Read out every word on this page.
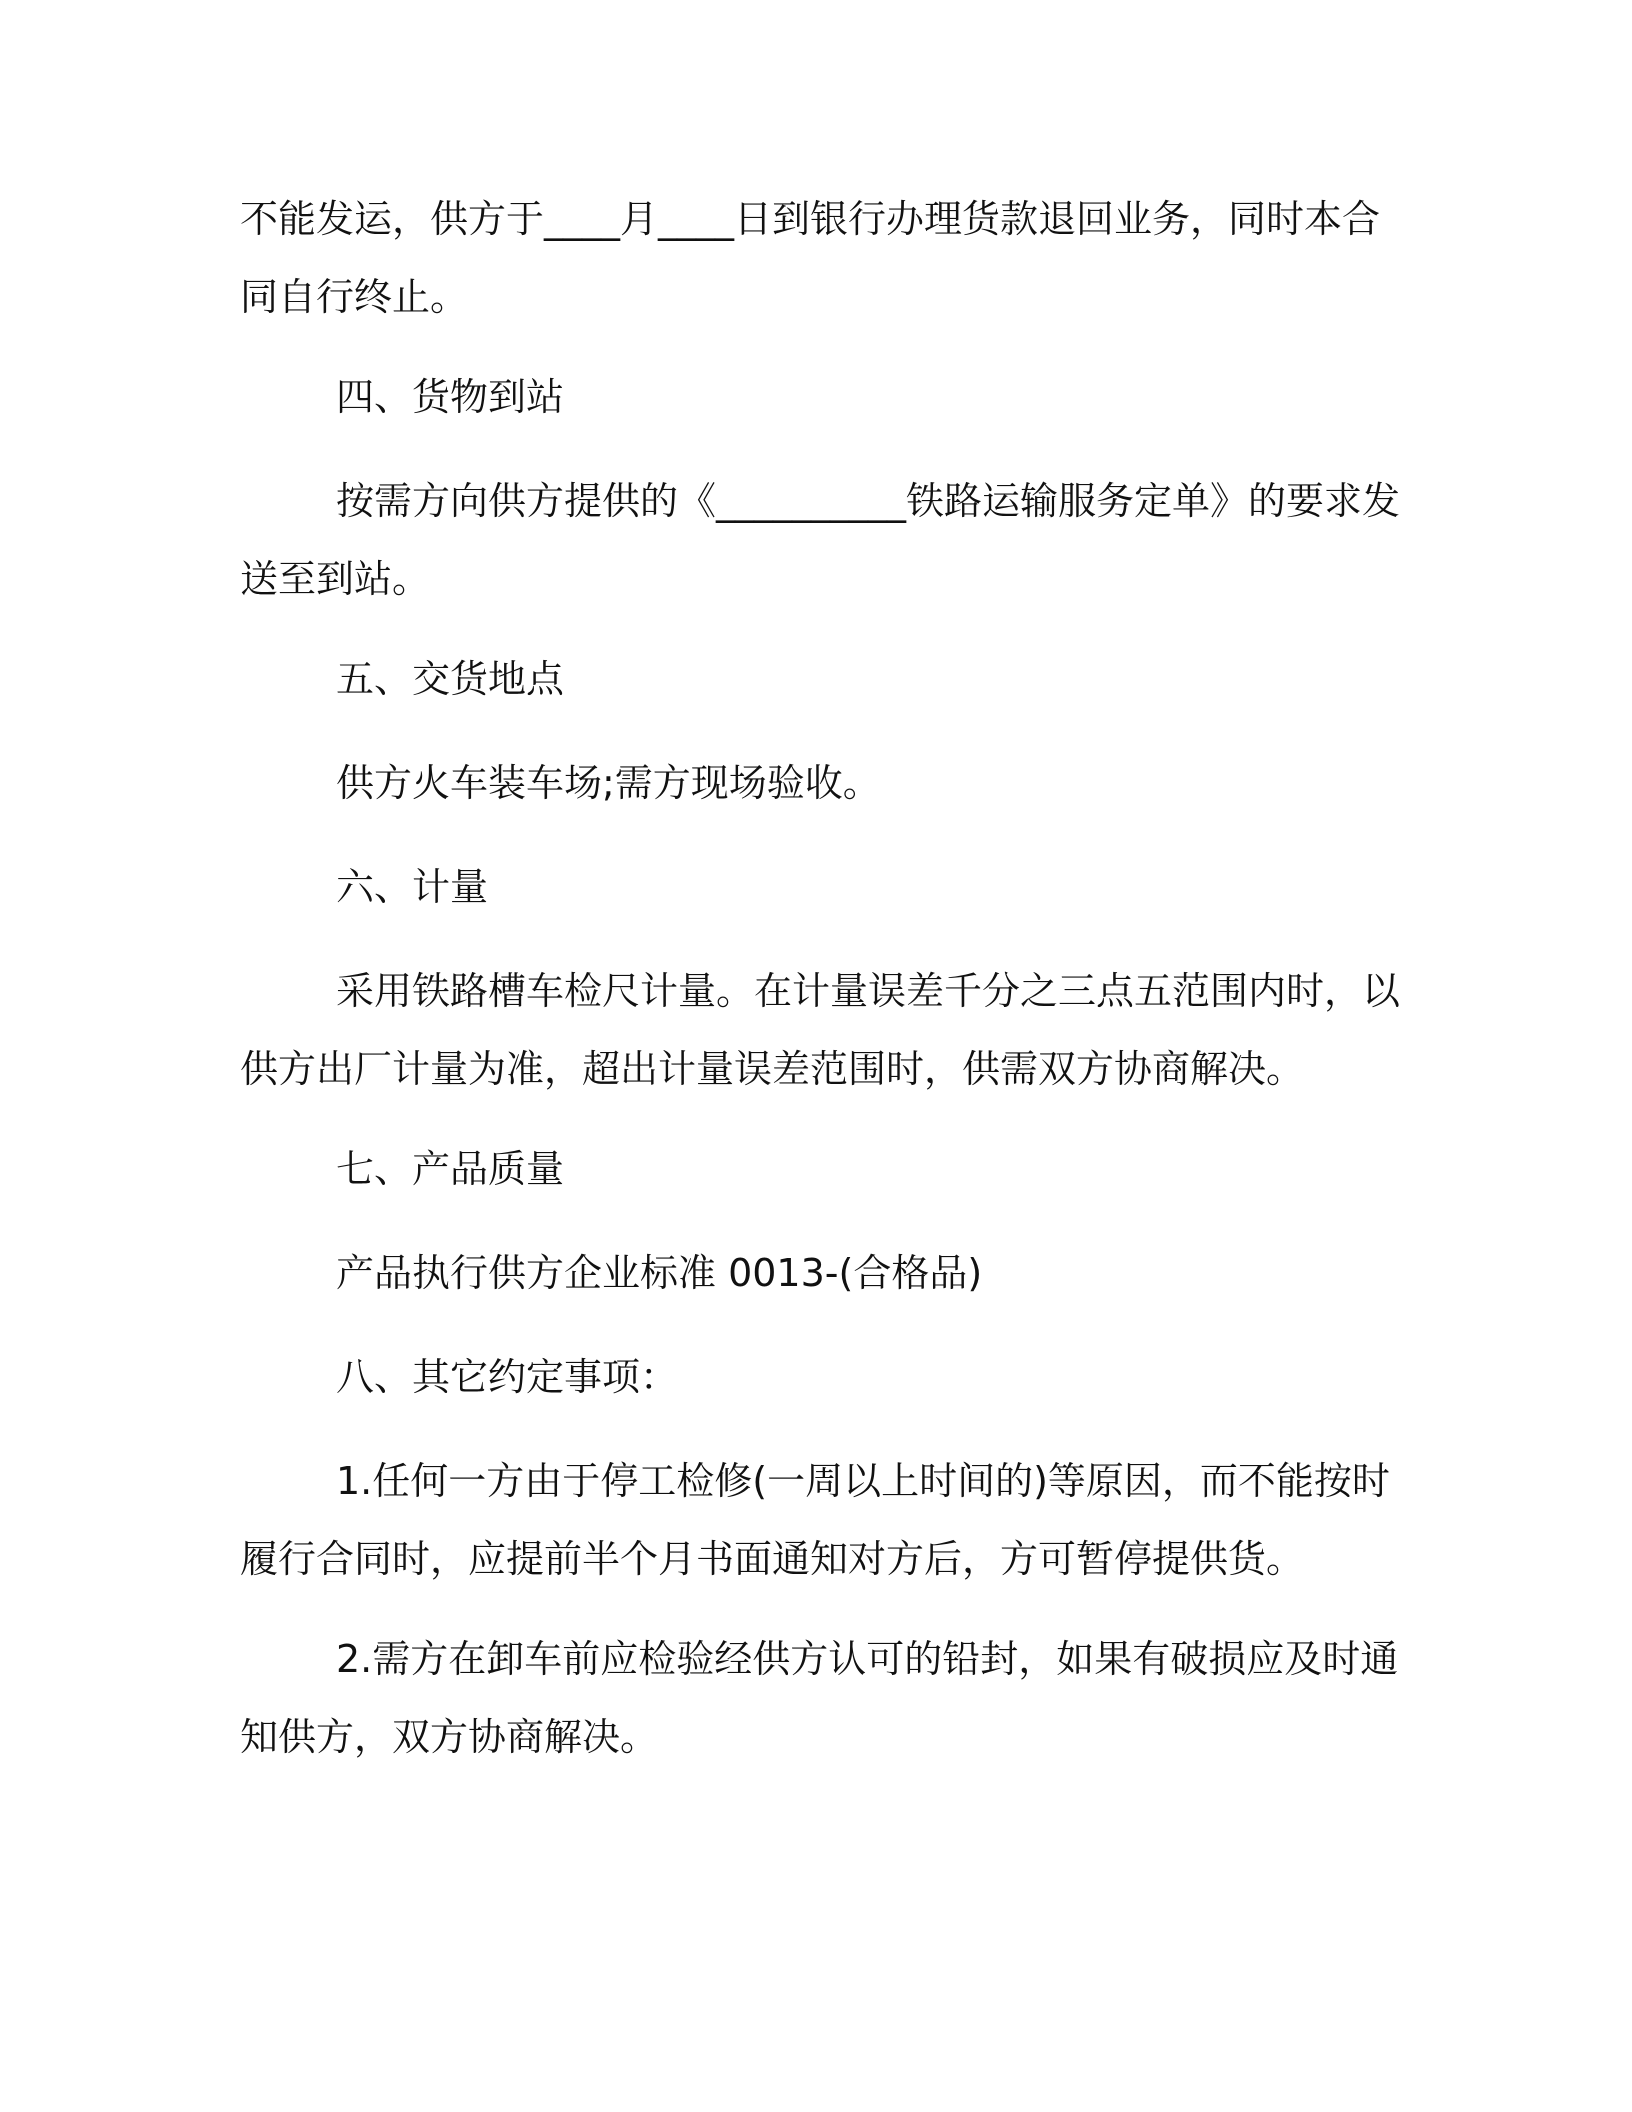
不能发运，供方于____月____日到银行办理货款退回业务，同时本合同自行终止。

四、货物到站

按需方向供方提供的《__________铁路运输服务定单》的要求发送至到站。

五、交货地点

供方火车装车场;需方现场验收。

六、计量

采用铁路槽车检尺计量。在计量误差千分之三点五范围内时，以供方出厂计量为准，超出计量误差范围时，供需双方协商解决。

七、产品质量

产品执行供方企业标准 0013-(合格品)

八、其它约定事项：

1.任何一方由于停工检修(一周以上时间的)等原因，而不能按时履行合同时，应提前半个月书面通知对方后，方可暂停提供货。

2.需方在卸车前应检验经供方认可的铅封，如果有破损应及时通知供方，双方协商解决。
